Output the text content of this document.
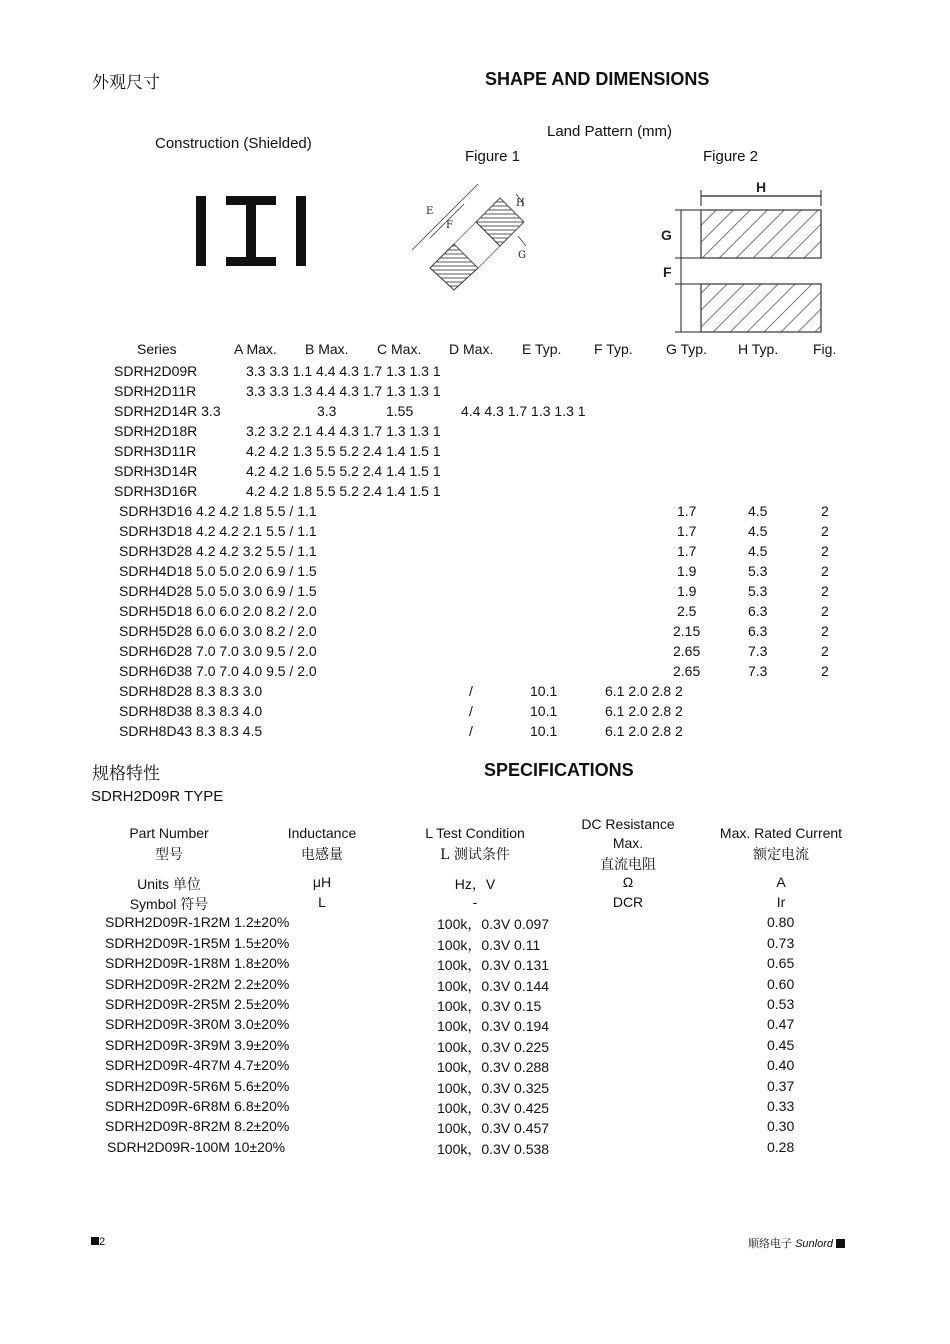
外观尺寸	SHAPE AND DIMENSIONS
Construction (Shielded)
Land Pattern (mm)
Figure 1	Figure 2
E
F
H
G
H
G
F
Series	A Max. B Max. C Max. D Max. E Typ. F Typ. G Typ. H Typ. Fig.
SDRH2D09R	3.3 3.3 1.1 4.4 4.3 1.7 1.3 1.3 1
SDRH2D11R	3.3 3.3 1.3 4.4 4.3 1.7 1.3 1.3 1
SDRH2D14R 3.3	3.3	1.55	4.4 4.3 1.7 1.3 1.3 1
SDRH2D18R	3.2 3.2 2.1 4.4 4.3 1.7 1.3 1.3 1
SDRH3D11R	4.2 4.2 1.3 5.5 5.2 2.4 1.4 1.5 1
SDRH3D14R	4.2 4.2 1.6 5.5 5.2 2.4 1.4 1.5 1
SDRH3D16R	4.2 4.2 1.8 5.5 5.2 2.4 1.4 1.5 1
SDRH3D16 4.2 4.2 1.8 5.5 / 1.1	1.7	4.5	2
SDRH3D18 4.2 4.2 2.1 5.5 / 1.1	1.7	4.5	2
SDRH3D28 4.2 4.2 3.2 5.5 / 1.1	1.7	4.5	2
SDRH4D18 5.0 5.0 2.0 6.9 / 1.5	1.9	5.3	2
SDRH4D28 5.0 5.0 3.0 6.9 / 1.5	1.9	5.3	2
SDRH5D18 6.0 6.0 2.0 8.2 / 2.0	2.5	6.3	2
SDRH5D28 6.0 6.0 3.0 8.2 / 2.0	2.15	6.3	2
SDRH6D28 7.0 7.0 3.0 9.5 / 2.0	2.65	7.3	2
SDRH6D38 7.0 7.0 4.0 9.5 / 2.0	2.65	7.3	2
SDRH8D28 8.3 8.3 3.0	/	10.1	6.1 2.0 2.8 2
SDRH8D38 8.3 8.3 4.0	/	10.1	6.1 2.0 2.8 2
SDRH8D43 8.3 8.3 4.5	/	10.1	6.1 2.0 2.8 2
规格特性	SPECIFICATIONS
SDRH2D09R TYPE
Part Number
型号
Inductance
电感量
L Test Condition
L 测试条件
DC Resistance
Max.
直流电阻
Max. Rated Current
额定电流
Units 单位	μH	Hz，V	Ω	A
Symbol 符号	L	-	DCR	Ir
SDRH2D09R-1R2M 1.2±20%	100k，0.3V 0.097	0.80
SDRH2D09R-1R5M 1.5±20%	100k，0.3V 0.11	0.73
SDRH2D09R-1R8M 1.8±20%	100k，0.3V 0.131	0.65
SDRH2D09R-2R2M 2.2±20%	100k，0.3V 0.144	0.60
SDRH2D09R-2R5M 2.5±20%	100k，0.3V 0.15	0.53
SDRH2D09R-3R0M 3.0±20%	100k，0.3V 0.194	0.47
SDRH2D09R-3R9M 3.9±20%	100k，0.3V 0.225	0.45
SDRH2D09R-4R7M 4.7±20%	100k，0.3V 0.288	0.40
SDRH2D09R-5R6M 5.6±20%	100k，0.3V 0.325	0.37
SDRH2D09R-6R8M 6.8±20%	100k，0.3V 0.425	0.33
SDRH2D09R-8R2M 8.2±20%	100k，0.3V 0.457	0.30
SDRH2D09R-100M 10±20%	100k，0.3V 0.538	0.28
2	顺络电子 Sunlord
